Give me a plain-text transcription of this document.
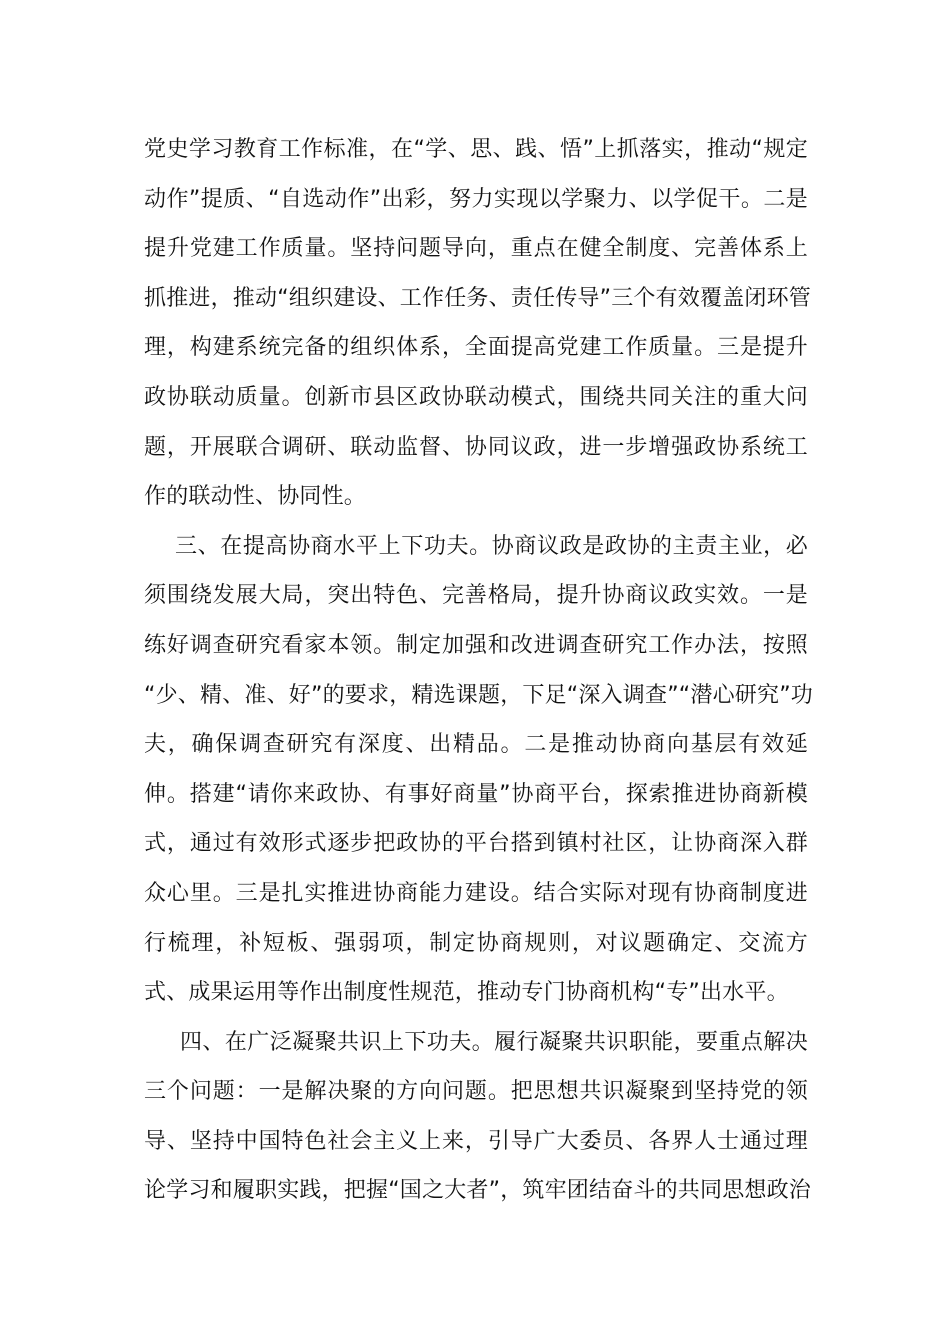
党史学习教育工作标准，在“学、思、践、悟”上抓落实，推动“规定
动作”提质、“自选动作”出彩，努力实现以学聚力、以学促干。二是
提升党建工作质量。坚持问题导向，重点在健全制度、完善体系上
抓推进，推动“组织建设、工作任务、责任传导”三个有效覆盖闭环管
理，构建系统完备的组织体系，全面提高党建工作质量。三是提升
政协联动质量。创新市县区政协联动模式，围绕共同关注的重大问
题，开展联合调研、联动监督、协同议政，进一步增强政协系统工
作的联动性、协同性。
三、在提高协商水平上下功夫。协商议政是政协的主责主业，必
须围绕发展大局，突出特色、完善格局，提升协商议政实效。一是
练好调查研究看家本领。制定加强和改进调查研究工作办法，按照
“少、精、准、好”的要求，精选课题，下足“深入调查”“潜心研究”功
夫，确保调查研究有深度、出精品。二是推动协商向基层有效延
伸。搭建“请你来政协、有事好商量”协商平台，探索推进协商新模
式，通过有效形式逐步把政协的平台搭到镇村社区，让协商深入群
众心里。三是扎实推进协商能力建设。结合实际对现有协商制度进
行梳理，补短板、强弱项，制定协商规则，对议题确定、交流方
式、成果运用等作出制度性规范，推动专门协商机构“专”出水平。
四、在广泛凝聚共识上下功夫。履行凝聚共识职能，要重点解决
三个问题：一是解决聚的方向问题。把思想共识凝聚到坚持党的领
导、坚持中国特色社会主义上来，引导广大委员、各界人士通过理
论学习和履职实践，把握“国之大者”，筑牢团结奋斗的共同思想政治
